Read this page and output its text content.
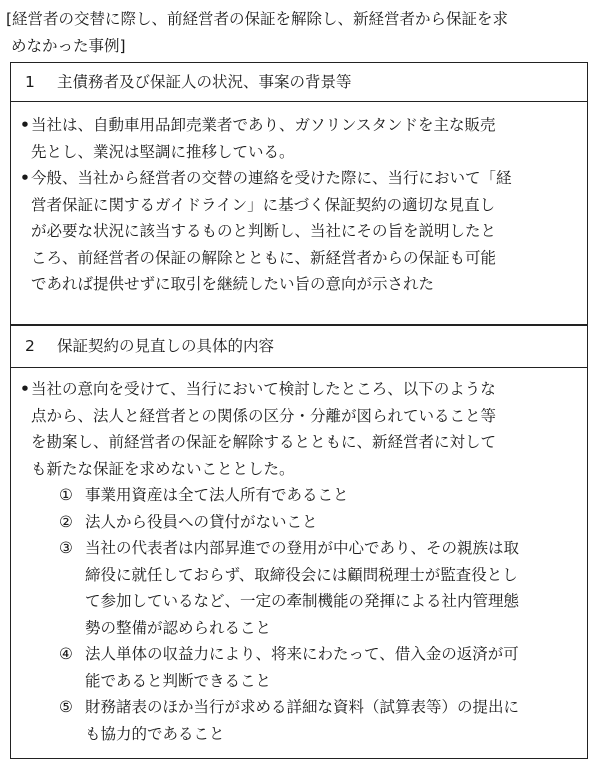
[経営者の交替に際し、前経営者の保証を解除し、新経営者から保証を求
めなかった事例]
1	主債務者及び保証人の状況、事案の背景等
• 当社は、自動車用品卸売業者であり、ガソリンスタンドを主な販売
先とし、業況は堅調に推移している。
• 今般、当社から経営者の交替の連絡を受けた際に、当行において「経
営者保証に関するガイドライン」に基づく保証契約の適切な見直し
が必要な状況に該当するものと判断し、当社にその旨を説明したと
ころ、前経営者の保証の解除とともに、新経営者からの保証も可能
であれば提供せずに取引を継続したい旨の意向が示された
2	保証契約の見直しの具体的内容
• 当社の意向を受けて、当行において検討したところ、以下のような
点から、法人と経営者との関係の区分・分離が図られていること等
を勘案し、前経営者の保証を解除するとともに、新経営者に対して
も新たな保証を求めないこととした。
① 事業用資産は全て法人所有であること
② 法人から役員への貸付がないこと
③ 当社の代表者は内部昇進での登用が中心であり、その親族は取
締役に就任しておらず、取締役会には顧問税理士が監査役とし
て参加しているなど、一定の牽制機能の発揮による社内管理態
勢の整備が認められること
④ 法人単体の収益力により、将来にわたって、借入金の返済が可
能であると判断できること
⑤ 財務諸表のほか当行が求める詳細な資料（試算表等）の提出に
も協力的であること
